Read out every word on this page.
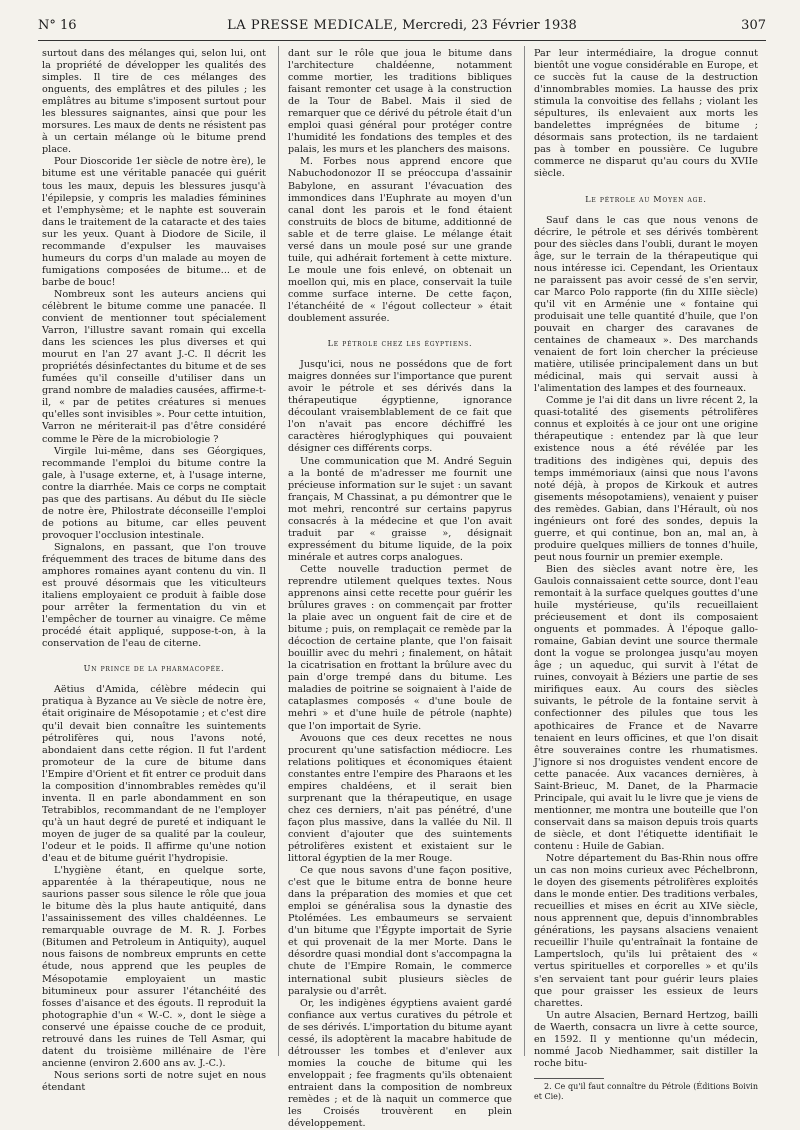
N° 16	LA PRESSE MEDICALE, Mercredi, 23 Février 1938	307

surtout dans des mélanges qui, selon lui, ont la propriété de développer les qualités des simples. Il tire de ces mélanges des onguents, des emplâtres et des pilules ; les emplâtres au bitume s'imposent surtout pour les blessures saignantes, ainsi que pour les morsures. Les maux de dents ne résistent pas à un certain mélange où le bitume prend place.

Pour Dioscoride 1er siècle de notre ère), le bitume est une véritable panacée qui guérit tous les maux, depuis les blessures jusqu'à l'épilepsie, y compris les maladies féminines et l'emphysème; et le naphte est souverain dans le traitement de la cataracte et des taies sur les yeux. Quant à Diodore de Sicile, il recommande d'expulser les mauvaises humeurs du corps d'un malade au moyen de fumigations composées de bitume... et de barbe de bouc!

Nombreux sont les auteurs anciens qui célèbrent le bitume comme une panacée. Il convient de mentionner tout spécialement Varron, l'illustre savant romain qui excella dans les sciences les plus diverses et qui mourut en l'an 27 avant J.-C. Il décrit les propriétés désinfectantes du bitume et de ses fumées qu'il conseille d'utiliser dans un grand nombre de maladies causées, affirme-t-il, « par de petites créatures si menues qu'elles sont invisibles ». Pour cette intuition, Varron ne mériterait-il pas d'être considéré comme le Père de la microbiologie ?

Virgile lui-même, dans ses Géorgiques, recommande l'emploi du bitume contre la gale, à l'usage externe, et, à l'usage interne, contre la diarrhée. Mais ce corps ne comptait pas que des partisans. Au début du IIe siècle de notre ère, Philostrate déconseille l'emploi de potions au bitume, car elles peuvent provoquer l'occlusion intestinale.

Signalons, en passant, que l'on trouve fréquemment des traces de bitume dans des amphores romaines ayant contenu du vin. Il est prouvé désormais que les viticulteurs italiens employaient ce produit à faible dose pour arrêter la fermentation du vin et l'empêcher de tourner au vinaigre. Ce même procédé était appliqué, suppose-t-on, à la conservation de l'eau de citerne.

Un prince de la pharmacopée.

Aëtius d'Amida, célèbre médecin qui pratiqua à Byzance au Ve siècle de notre ère, était originaire de Mésopotamie ; et c'est dire qu'il devait bien connaître les suintements pétrolifères qui, nous l'avons noté, abondaient dans cette région. Il fut l'ardent promoteur de la cure de bitume dans l'Empire d'Orient et fit entrer ce produit dans la composition d'innombrables remèdes qu'il inventa. Il en parle abondamment en son Tetrabiblos, recommandant de ne l'employer qu'à un haut degré de pureté et indiquant le moyen de juger de sa qualité par la couleur, l'odeur et le poids. Il affirme qu'une notion d'eau et de bitume guérit l'hydropisie.

L'hygiène étant, en quelque sorte, apparentée à la thérapeutique, nous ne saurions passer sous silence le rôle que joua le bitume dès la plus haute antiquité, dans l'assainissement des villes chaldéennes. Le remarquable ouvrage de M. R. J. Forbes (Bitumen and Petroleum in Antiquity), auquel nous faisons de nombreux emprunts en cette étude, nous apprend que les peuples de Mésopotamie employaient un mastic bitumineux pour assurer l'étanchéité des fosses d'aisance et des égouts. Il reproduit la photographie d'un « W.-C. », dont le siège a conservé une épaisse couche de ce produit, retrouvé dans les ruines de Tell Asmar, qui datent du troisième millénaire de l'ère ancienne (environ 2.600 ans av. J.-C.).

Nous serions sorti de notre sujet en nous étendant

dant sur le rôle que joua le bitume dans l'architecture chaldéenne, notamment comme mortier, les traditions bibliques faisant remonter cet usage à la construction de la Tour de Babel. Mais il sied de remarquer que ce dérivé du pétrole était d'un emploi quasi général pour protéger contre l'humidité les fondations des temples et des palais, les murs et les planchers des maisons.

M. Forbes nous apprend encore que Nabuchodonozor II se préoccupa d'assainir Babylone, en assurant l'évacuation des immondices dans l'Euphrate au moyen d'un canal dont les parois et le fond étaient construits de blocs de bitume, additionné de sable et de terre glaise. Le mélange était versé dans un moule posé sur une grande tuile, qui adhérait fortement à cette mixture. Le moule une fois enlevé, on obtenait un moellon qui, mis en place, conservait la tuile comme surface interne. De cette façon, l'étanchéité de « l'égout collecteur » était doublement assurée.

Le pétrole chez les égyptiens.

Jusqu'ici, nous ne possédons que de fort maigres données sur l'importance que purent avoir le pétrole et ses dérivés dans la thérapeutique égyptienne, ignorance découlant vraisemblablement de ce fait que l'on n'avait pas encore déchiffré les caractères hiéroglyphiques qui pouvaient désigner ces différents corps.

Une communication que M. André Seguin a la bonté de m'adresser me fournit une précieuse information sur le sujet : un savant français, M Chassinat, a pu démontrer que le mot mehri, rencontré sur certains papyrus consacrés à la médecine et que l'on avait traduit par « graisse », désignait expressément du bitume liquide, de la poix minérale et autres corps analogues.

Cette nouvelle traduction permet de reprendre utilement quelques textes. Nous apprenons ainsi cette recette pour guérir les brûlures graves : on commençait par frotter la plaie avec un onguent fait de cire et de bitume ; puis, on remplaçait ce remède par la décoction de certaine plante, que l'on faisait bouillir avec du mehri ; finalement, on hâtait la cicatrisation en frottant la brûlure avec du pain d'orge trempé dans du bitume. Les maladies de poitrine se soignaient à l'aide de cataplasmes composés « d'une boule de mehri » et d'une huile de pétrole (naphte) que l'on importait de Syrie.

Avouons que ces deux recettes ne nous procurent qu'une satisfaction médiocre. Les relations politiques et économiques étaient constantes entre l'empire des Pharaons et les empires chaldéens, et il serait bien surprenant que la thérapeutique, en usage chez ces derniers, n'ait pas pénétré, d'une façon plus massive, dans la vallée du Nil. Il convient d'ajouter que des suintements pétrolifères existent et existaient sur le littoral égyptien de la mer Rouge.

Ce que nous savons d'une façon positive, c'est que le bitume entra de bonne heure dans la préparation des momies et que cet emploi se généralisa sous la dynastie des Ptolémées. Les embaumeurs se servaient d'un bitume que l'Égypte importait de Syrie et qui provenait de la mer Morte. Dans le désordre quasi mondial dont s'accompagna la chute de l'Empire Romain, le commerce international subit plusieurs siècles de paralysie ou d'arrêt.

Or, les indigènes égyptiens avaient gardé confiance aux vertus curatives du pétrole et de ses dérivés. L'importation du bitume ayant cessé, ils adoptèrent la macabre habitude de détrousser les tombes et d'enlever aux momies la couche de bitume qui les enveloppait ; fee fragments qu'ils obtenaient entraient dans la composition de nombreux remèdes ; et de là naquit un commerce que les Croisés trouvèrent en plein développement.

Par leur intermédiaire, la drogue connut bientôt une vogue considérable en Europe, et ce succès fut la cause de la destruction d'innombrables momies. La hausse des prix stimula la convoitise des fellahs ; violant les sépultures, ils enlevaient aux morts les bandelettes imprégnées de bitume ; désormais sans protection, ils ne tardaient pas à tomber en poussière. Ce lugubre commerce ne disparut qu'au cours du XVIIe siècle.

Le pétrole au Moyen age.

Sauf dans le cas que nous venons de décrire, le pétrole et ses dérivés tombèrent pour des siècles dans l'oubli, durant le moyen âge, sur le terrain de la thérapeutique qui nous intéresse ici. Cependant, les Orientaux ne paraissent pas avoir cessé de s'en servir, car Marco Polo rapporte (fin du XIIIe siècle) qu'il vit en Arménie une « fontaine qui produisait une telle quantité d'huile, que l'on pouvait en charger des caravanes de centaines de chameaux ». Des marchands venaient de fort loin chercher la précieuse matière, utilisée principalement dans un but médicinal, mais qui servait aussi à l'alimentation des lampes et des fourneaux.

Comme je l'ai dit dans un livre récent 2, la quasi-totalité des gisements pétrolifères connus et exploités à ce jour ont une origine thérapeutique : entendez par là que leur existence nous a été révélée par les traditions des indigènes qui, depuis des temps immémoriaux (ainsi que nous l'avons noté déjà, à propos de Kirkouk et autres gisements mésopotamiens), venaient y puiser des remèdes. Gabian, dans l'Hérault, où nos ingénieurs ont foré des sondes, depuis la guerre, et qui continue, bon an, mal an, à produire quelques milliers de tonnes d'huile, peut nous fournir un premier exemple.

Bien des siècles avant notre ère, les Gaulois connaissaient cette source, dont l'eau remontait à la surface quelques gouttes d'une huile mystérieuse, qu'ils recueillaient précieusement et dont ils composaient onguents et pommades. À l'époque gallo-romaine, Gabian devint une source thermale dont la vogue se prolongea jusqu'au moyen âge ; un aqueduc, qui survit à l'état de ruines, convoyait à Béziers une partie de ses mirifiques eaux. Au cours des siècles suivants, le pétrole de la fontaine servit à confectionner des pilules que tous les apothicaires de France et de Navarre tenaient en leurs officines, et que l'on disait être souveraines contre les rhumatismes. J'ignore si nos droguistes vendent encore de cette panacée. Aux vacances dernières, à Saint-Brieuc, M. Danet, de la Pharmacie Principale, qui avait lu le livre que je viens de mentionner, me montra une bouteille que l'on conservait dans sa maison depuis trois quarts de siècle, et dont l'étiquette identifiait le contenu : Huile de Gabian.

Notre département du Bas-Rhin nous offre un cas non moins curieux avec Péchelbronn, le doyen des gisements pétrolifères exploités dans le monde entier. Des traditions verbales, recueillies et mises en écrit au XIVe siècle, nous apprennent que, depuis d'innombrables générations, les paysans alsaciens venaient recueillir l'huile qu'entraînait la fontaine de Lampertsloch, qu'ils lui prêtaient des « vertus spirituelles et corporelles » et qu'ils s'en servaient tant pour guérir leurs plaies que pour graisser les essieux de leurs charettes.

Un autre Alsacien, Bernard Hertzog, bailli de Waerth, consacra un livre à cette source, en 1592. Il y mentionne qu'un médecin, nommé Jacob Niedhammer, sait distiller la roche bitu-

2. Ce qu'il faut connaître du Pétrole (Éditions Boivin et Cie).
